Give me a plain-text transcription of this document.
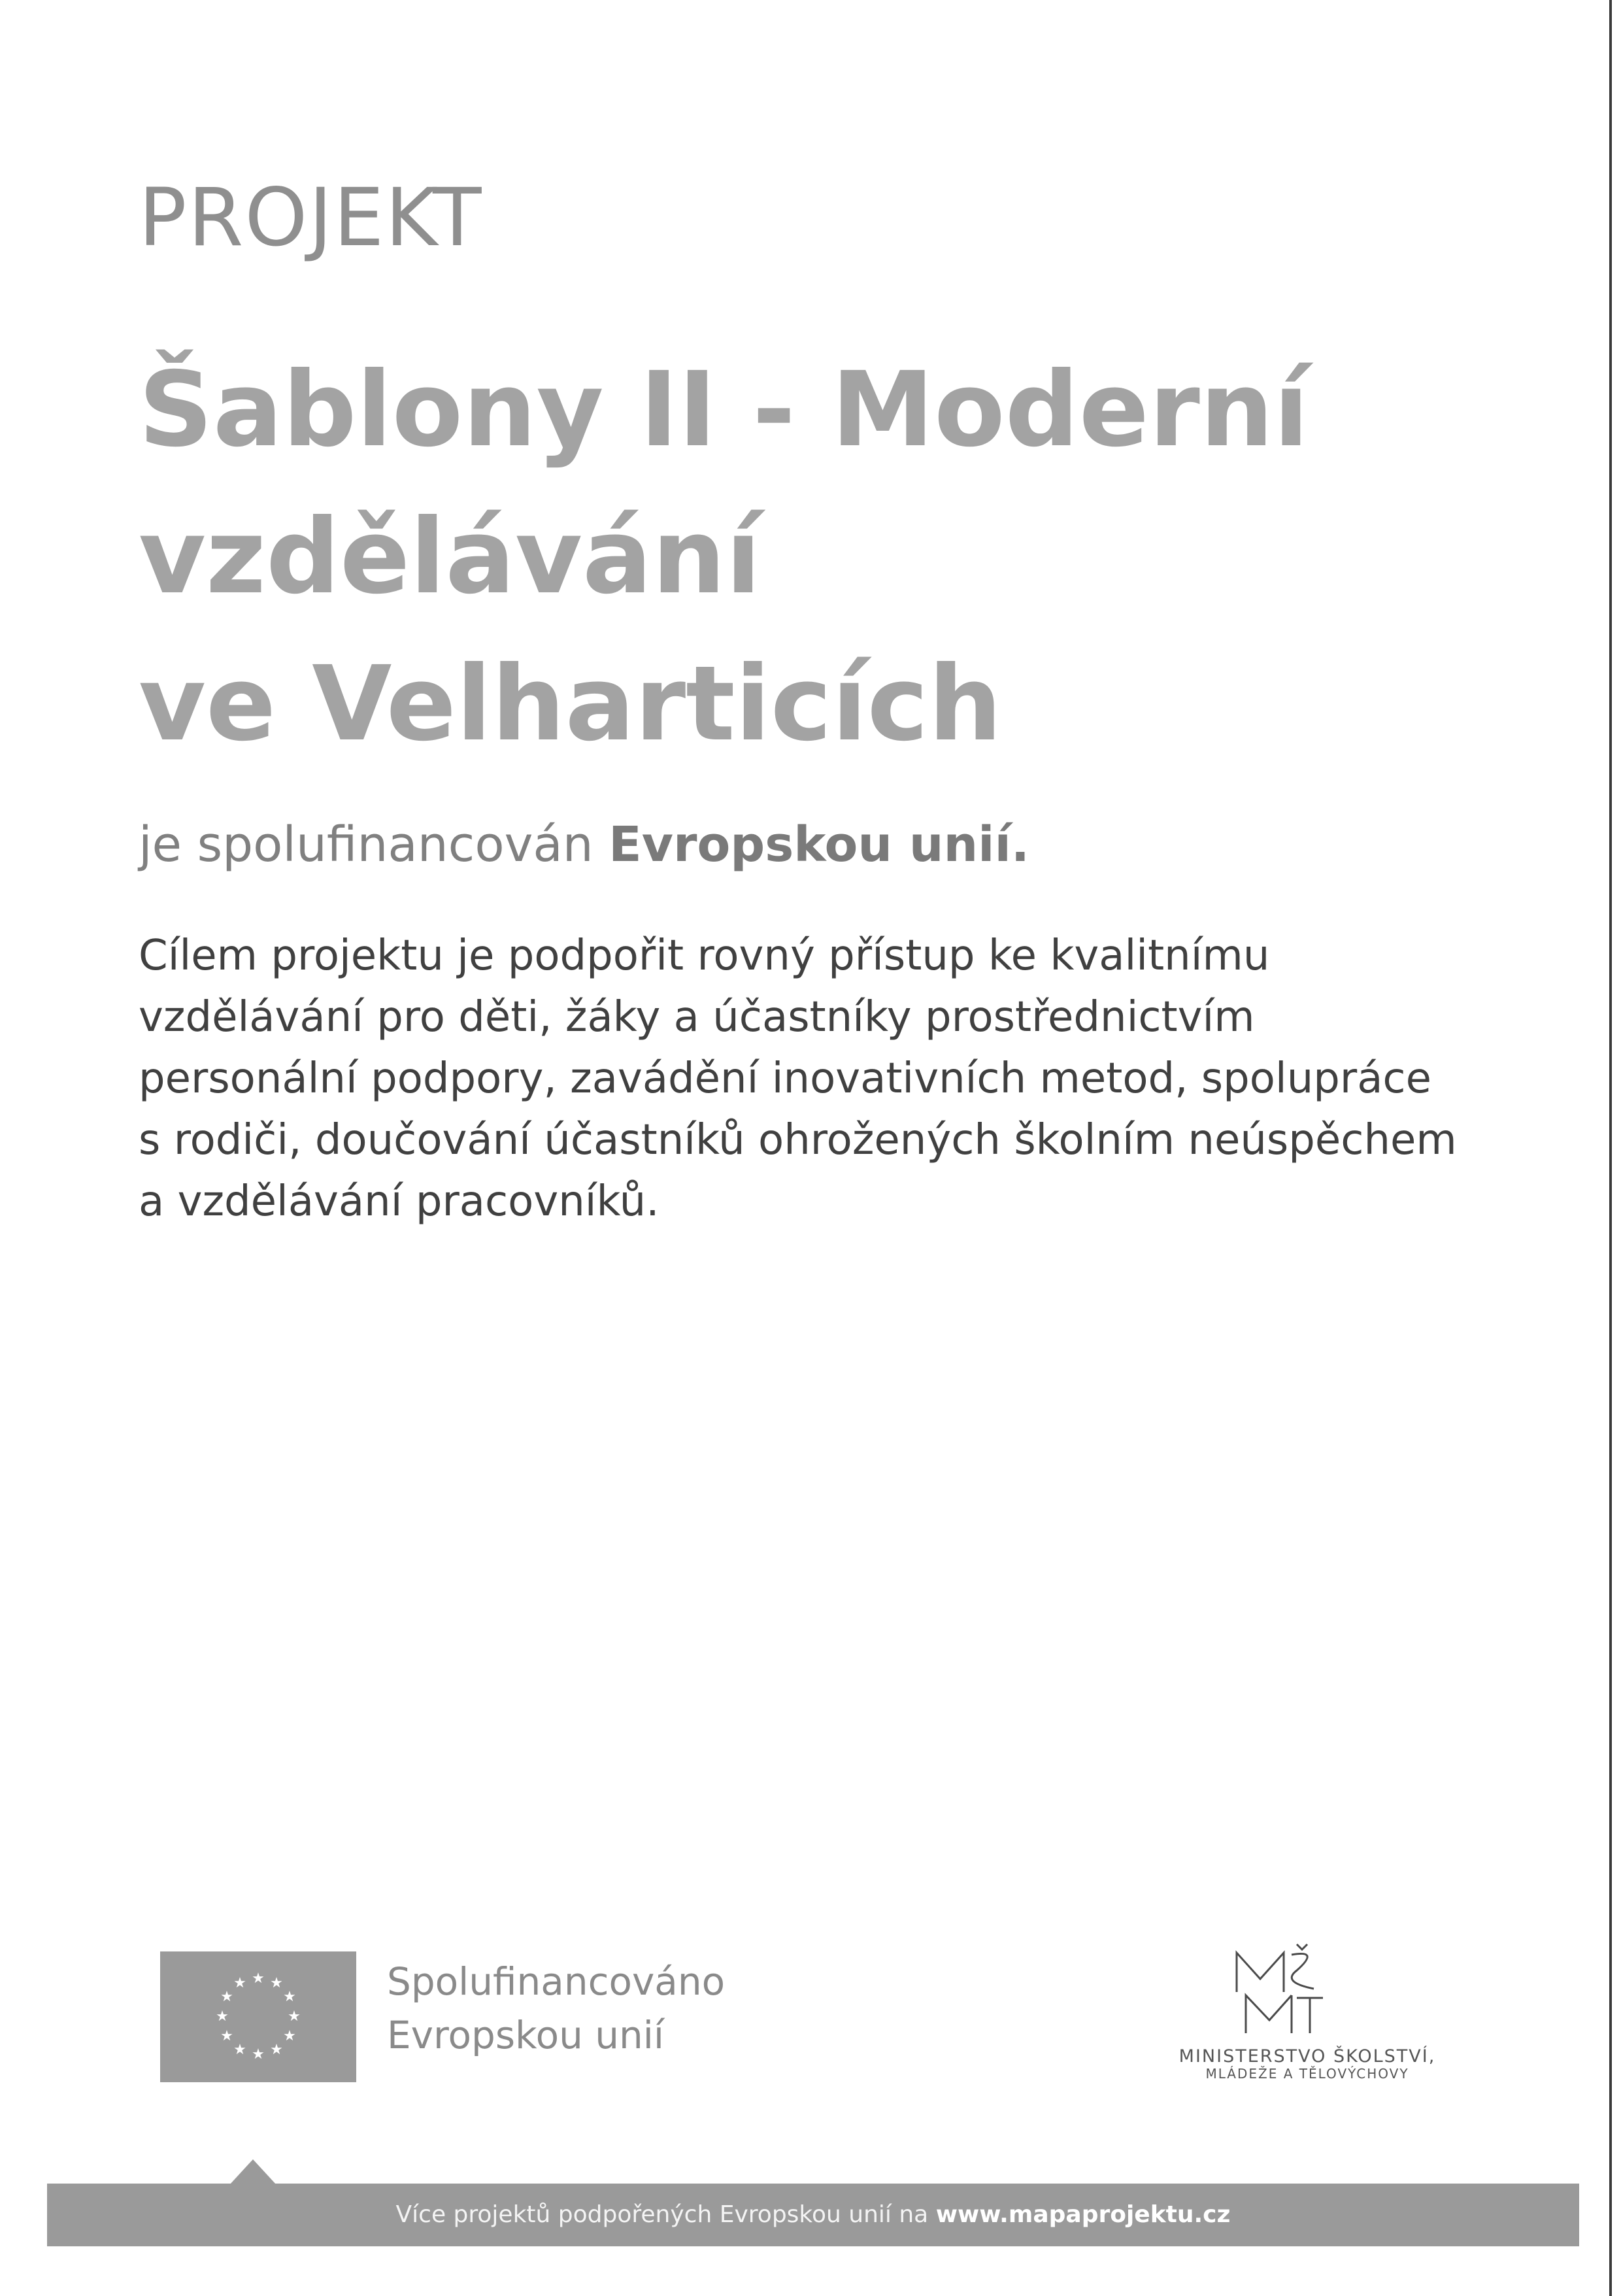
PROJEKT
Šablony II - Moderní
vzdělávání
ve Velharticích
je spolufinancován Evropskou unií.

Cílem projektu je podpořit rovný přístup ke kvalitnímu
vzdělávání pro děti, žáky a účastníky prostřednictvím
personální podpory, zavádění inovativních metod, spolupráce
s rodiči, doučování účastníků ohrožených školním neúspěchem
a vzdělávání pracovníků.

★ ★
★
★
★
★
★
★
★
★
★
★	Spolufinancováno
Evropskou unií	MINISTERSTVO ŠKOLSTVÍ,
MLÁDEŽE A TĚLOVÝCHOVY
Více projektů podpořených Evropskou unií na www.mapaprojektu.cz
